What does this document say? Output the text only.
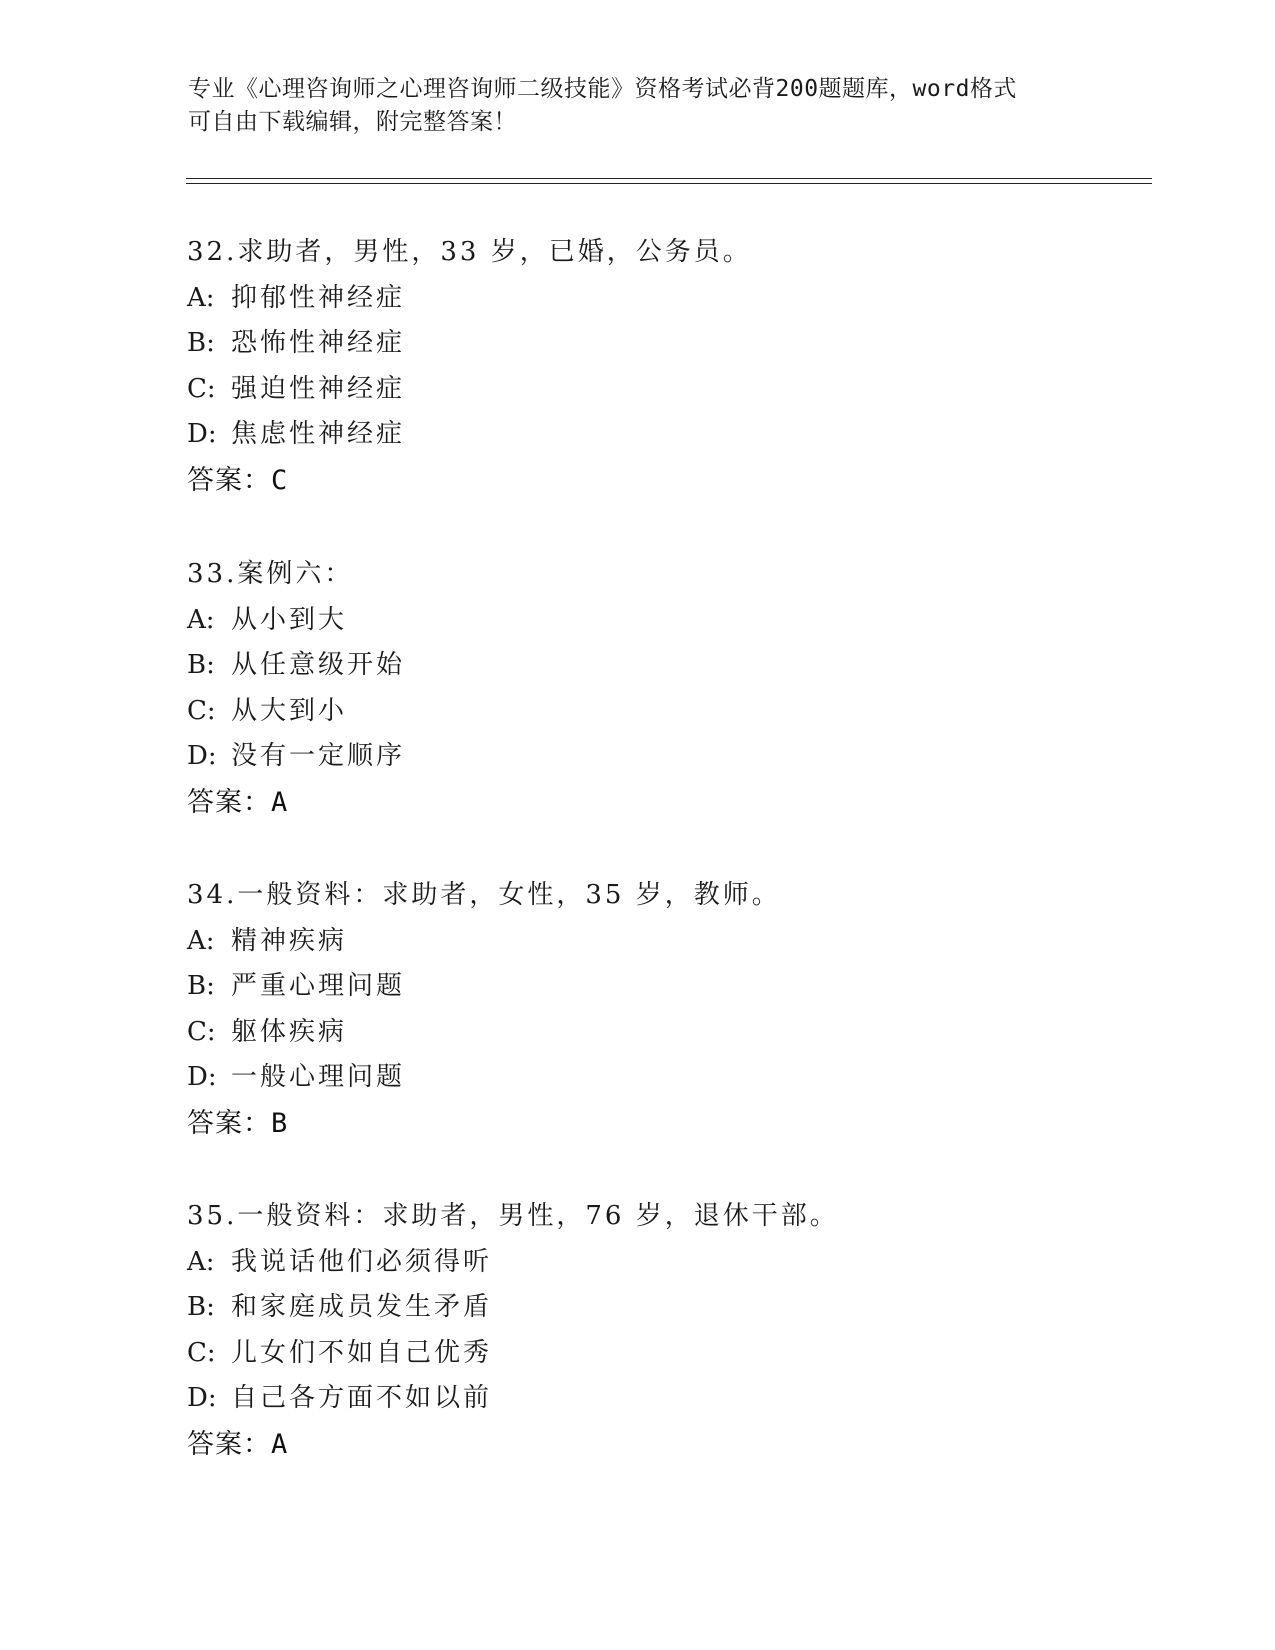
专业《心理咨询师之心理咨询师二级技能》资格考试必背200题题库，word格式
可自由下载编辑，附完整答案！
32.求助者，男性，33 岁，已婚，公务员。
A: 抑郁性神经症
B: 恐怖性神经症
C: 强迫性神经症
D: 焦虑性神经症
答案：C
33.案例六：
A: 从小到大
B: 从任意级开始
C: 从大到小
D: 没有一定顺序
答案：A
34.一般资料：求助者，女性，35 岁，教师。
A: 精神疾病
B: 严重心理问题
C: 躯体疾病
D: 一般心理问题
答案：B
35.一般资料：求助者，男性，76 岁，退休干部。
A: 我说话他们必须得听
B: 和家庭成员发生矛盾
C: 儿女们不如自己优秀
D: 自己各方面不如以前
答案：A
